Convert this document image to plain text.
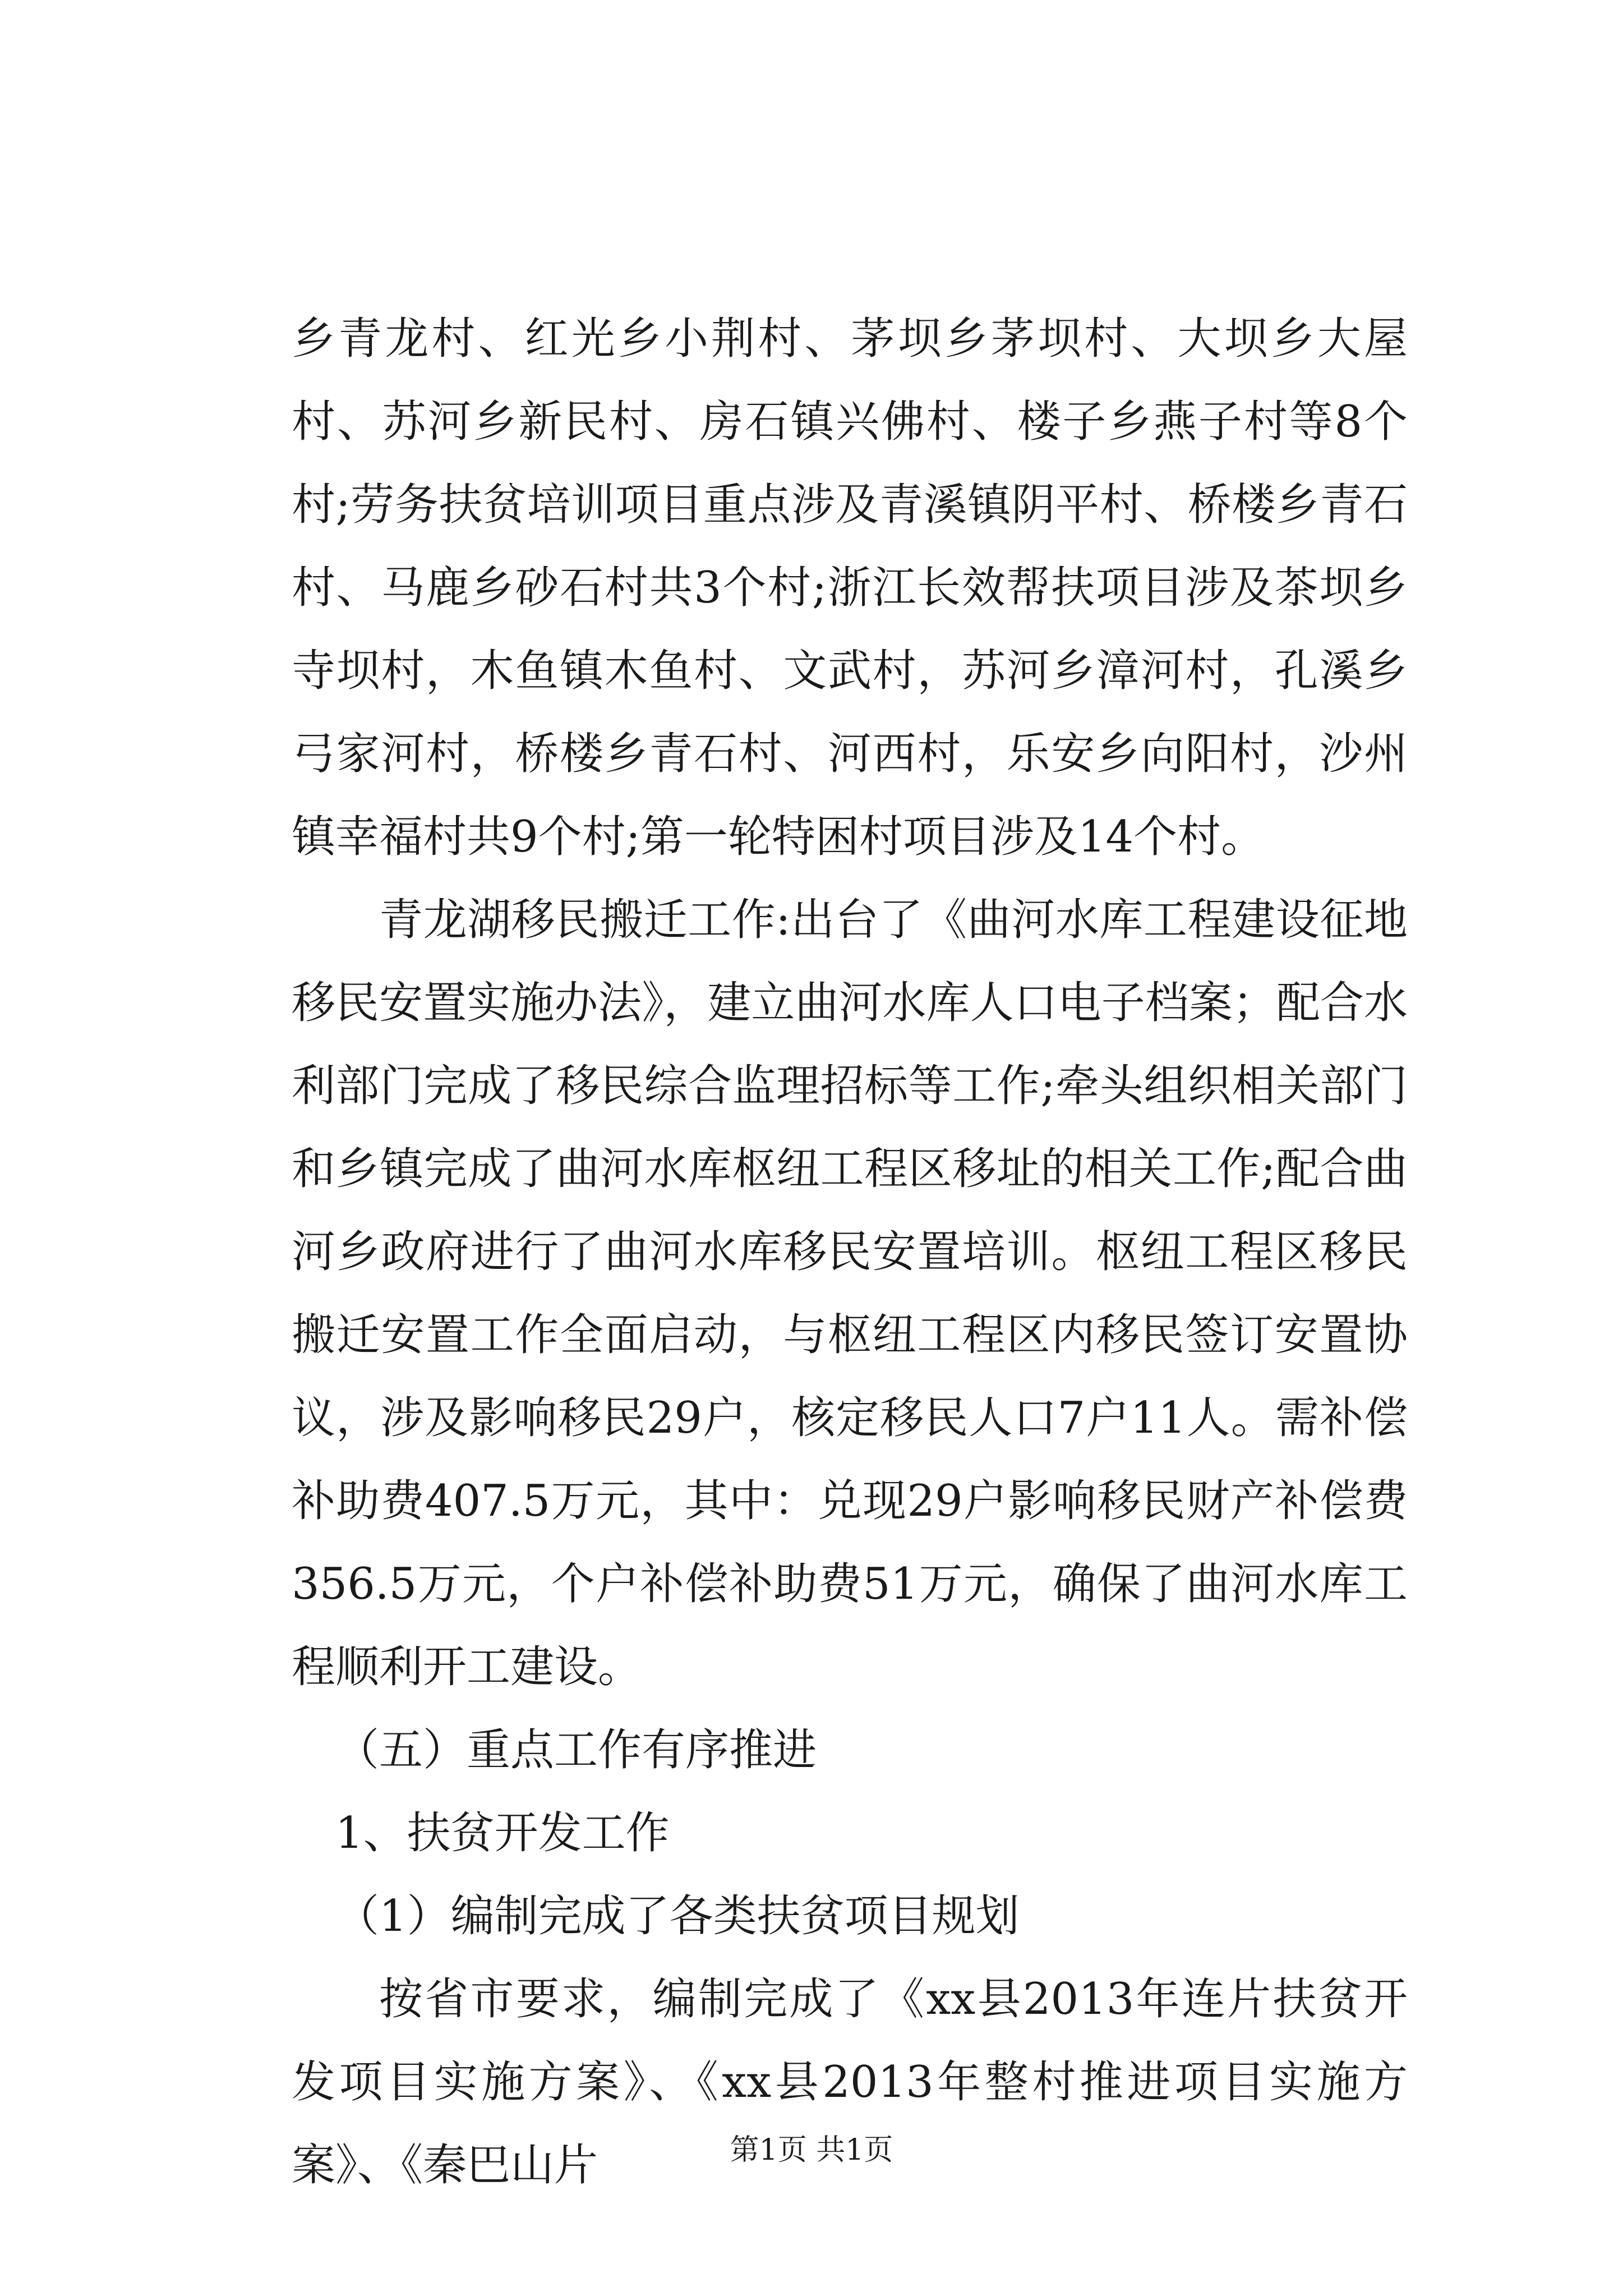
乡青龙村、红光乡小荆村、茅坝乡茅坝村、大坝乡大屋村、苏河乡新民村、房石镇兴佛村、楼子乡燕子村等8个村;劳务扶贫培训项目重点涉及青溪镇阴平村、桥楼乡青石村、马鹿乡砂石村共3个村;浙江长效帮扶项目涉及茶坝乡寺坝村，木鱼镇木鱼村、文武村，苏河乡漳河村，孔溪乡弓家河村，桥楼乡青石村、河西村，乐安乡向阳村，沙州镇幸福村共9个村;第一轮特困村项目涉及14个村。

青龙湖移民搬迁工作:出台了《曲河水库工程建设征地移民安置实施办法》，建立曲河水库人口电子档案；配合水利部门完成了移民综合监理招标等工作;牵头组织相关部门和乡镇完成了曲河水库枢纽工程区移址的相关工作;配合曲河乡政府进行了曲河水库移民安置培训。枢纽工程区移民搬迁安置工作全面启动，与枢纽工程区内移民签订安置协议，涉及影响移民29户，核定移民人口7户11人。需补偿补助费407.5万元，其中：兑现29户影响移民财产补偿费356.5万元，个户补偿补助费51万元，确保了曲河水库工程顺利开工建设。

（五）重点工作有序推进

1、扶贫开发工作

（1）编制完成了各类扶贫项目规划

按省市要求，编制完成了《xx县2013年连片扶贫开发项目实施方案》、《xx县2013年整村推进项目实施方案》、《秦巴山片	第1页 共1页
